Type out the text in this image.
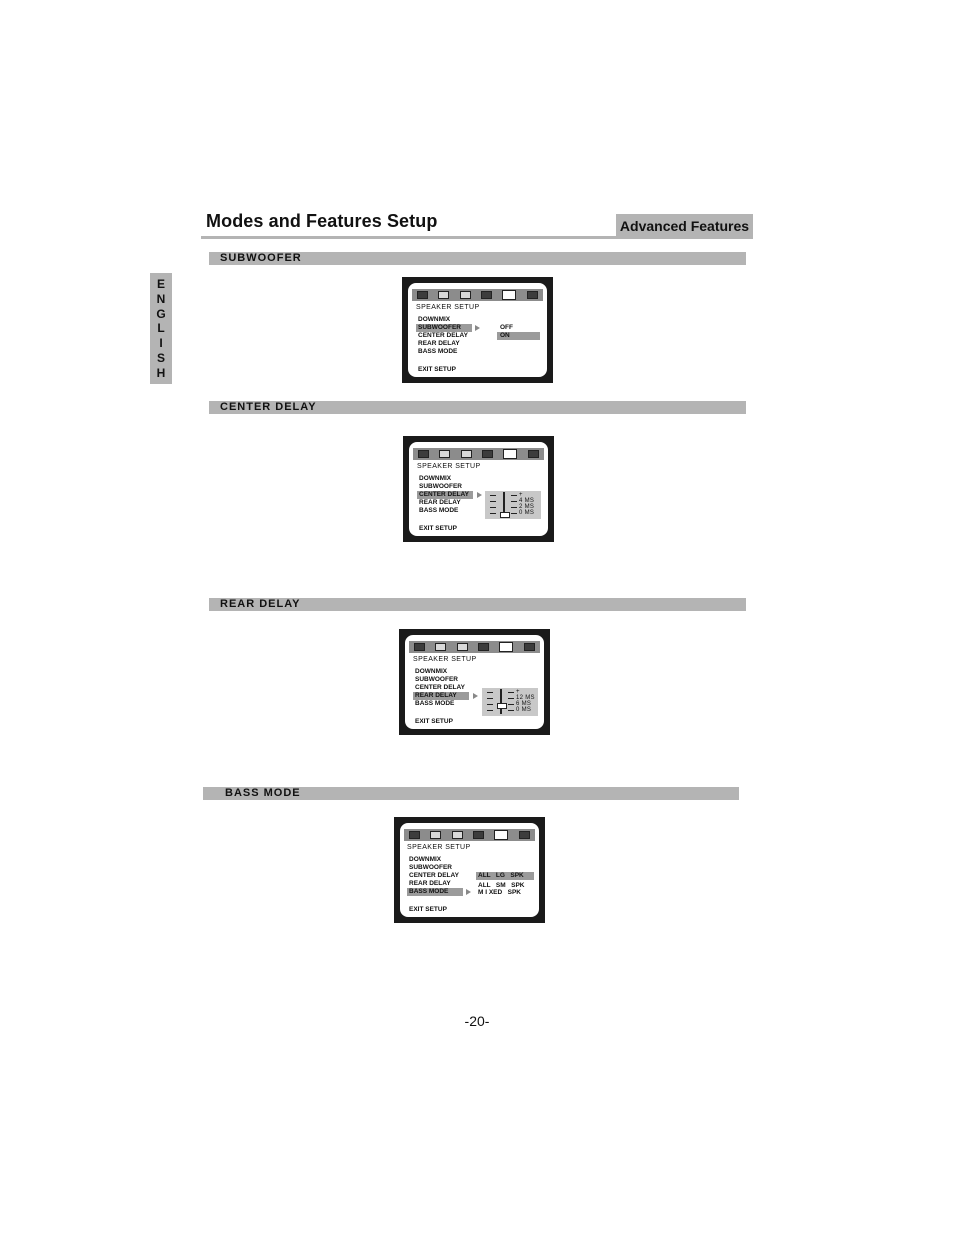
Modes and Features Setup	Advanced Features
E
N
G
L
I
S
H
SUBWOOFER
SPEAKER SETUP
DOWNMIX
SUBWOOFER
CENTER DELAY
REAR DELAY
BASS MODE
OFF
ON
EXIT SETUP
CENTER DELAY
SPEAKER SETUP
DOWNMIX
SUBWOOFER
CENTER DELAY
REAR DELAY
BASS MODE
+
4 MS
2 MS
0 MS
EXIT SETUP
REAR DELAY
SPEAKER SETUP
DOWNMIX
SUBWOOFER
CENTER DELAY
REAR DELAY
BASS MODE
+
12 MS
6 MS
0 MS
EXIT SETUP
BASS MODE
SPEAKER SETUP
DOWNMIX
SUBWOOFER
CENTER DELAY
REAR DELAY
BASS MODE
ALL   LG   SPK
ALL   SM   SPK
M I XED   SPK
EXIT SETUP
-20-
